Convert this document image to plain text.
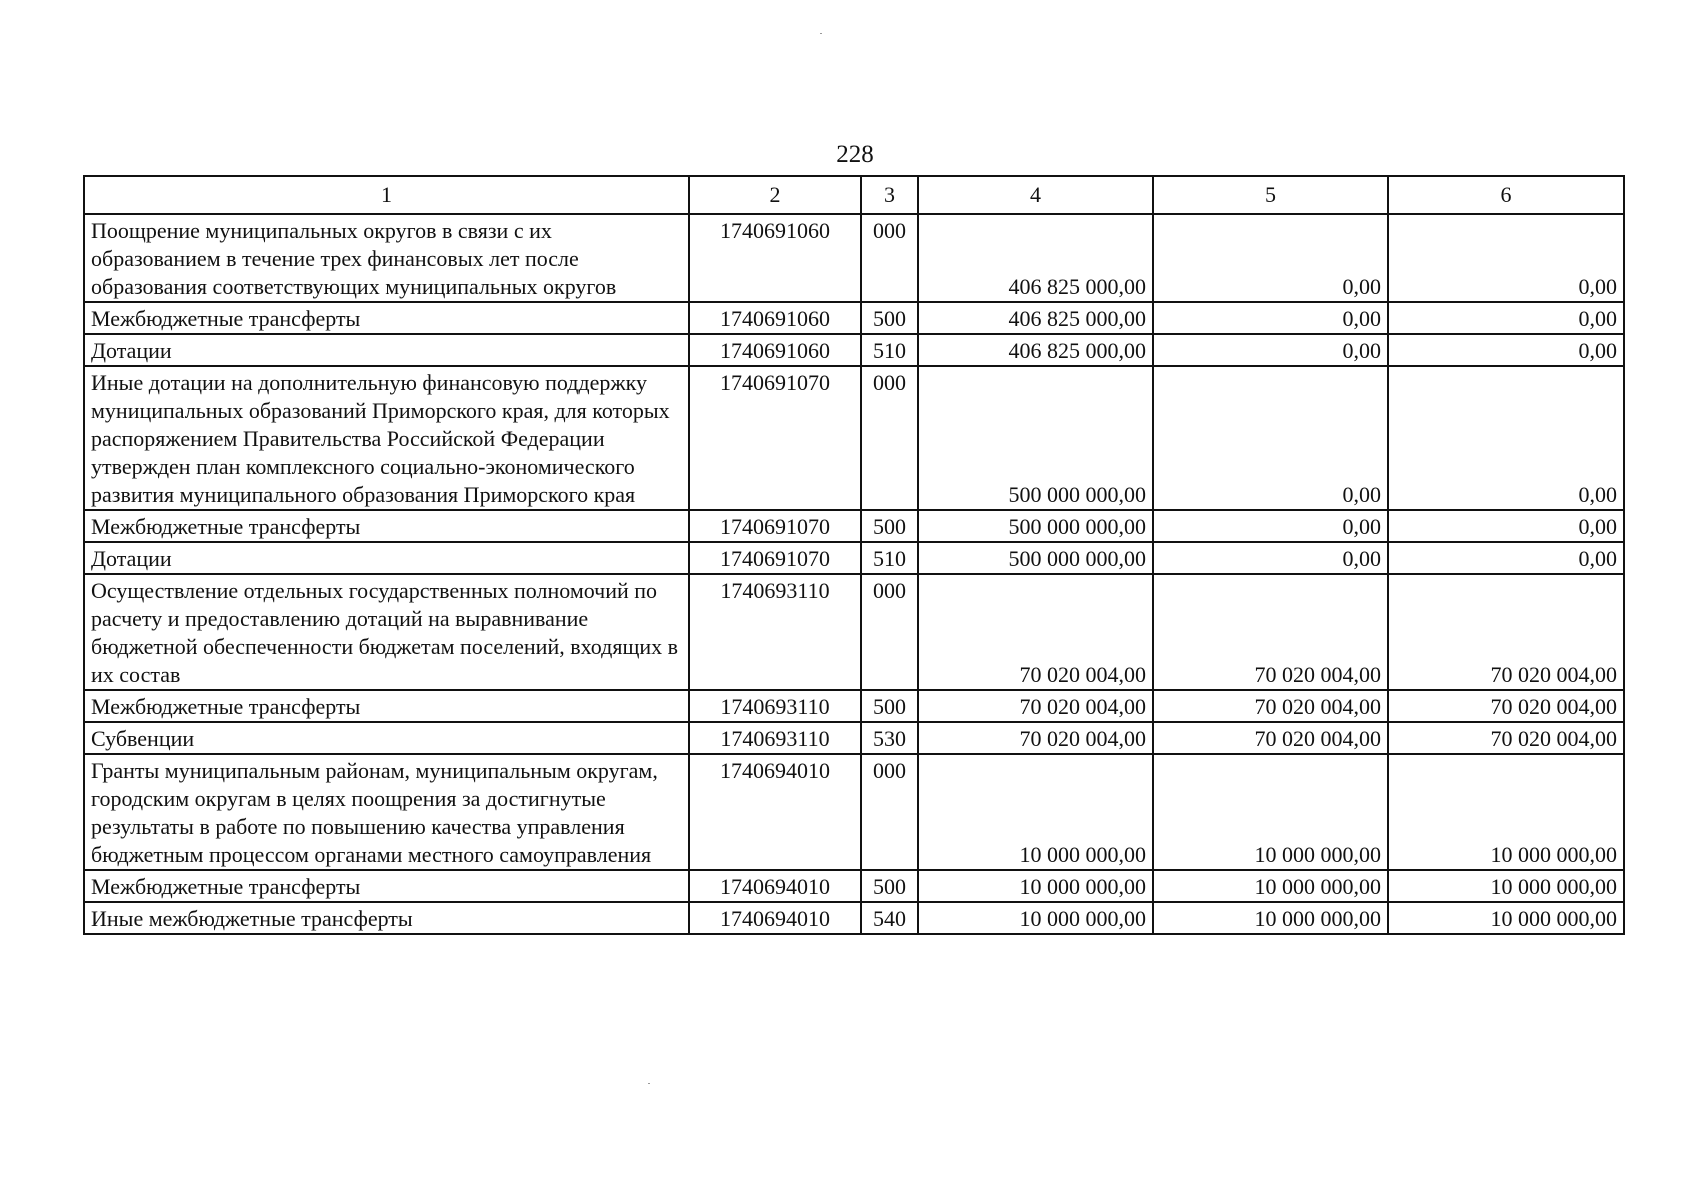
228
1	2	3	4	5	6
Поощрение муниципальных округов в связи с их образованием в течение трех финансовых лет после образования соответствующих муниципальных округов	1740691060	000	406 825 000,00	0,00	0,00
Межбюджетные трансферты	1740691060	500	406 825 000,00	0,00	0,00
Дотации	1740691060	510	406 825 000,00	0,00	0,00
Иные дотации на дополнительную финансовую поддержку муниципальных образований Приморского края, для которых распоряжением Правительства Российской Федерации утвержден план комплексного социально-экономического развития муниципального образования Приморского края	1740691070	000	500 000 000,00	0,00	0,00
Межбюджетные трансферты	1740691070	500	500 000 000,00	0,00	0,00
Дотации	1740691070	510	500 000 000,00	0,00	0,00
Осуществление отдельных государственных полномочий по расчету и предоставлению дотаций на выравнивание бюджетной обеспеченности бюджетам поселений, входящих в их состав	1740693110	000	70 020 004,00	70 020 004,00	70 020 004,00
Межбюджетные трансферты	1740693110	500	70 020 004,00	70 020 004,00	70 020 004,00
Субвенции	1740693110	530	70 020 004,00	70 020 004,00	70 020 004,00
Гранты муниципальным районам, муниципальным округам, городским округам в целях поощрения за достигнутые результаты в работе по повышению качества управления бюджетным процессом органами местного самоуправления	1740694010	000	10 000 000,00	10 000 000,00	10 000 000,00
Межбюджетные трансферты	1740694010	500	10 000 000,00	10 000 000,00	10 000 000,00
Иные межбюджетные трансферты	1740694010	540	10 000 000,00	10 000 000,00	10 000 000,00
